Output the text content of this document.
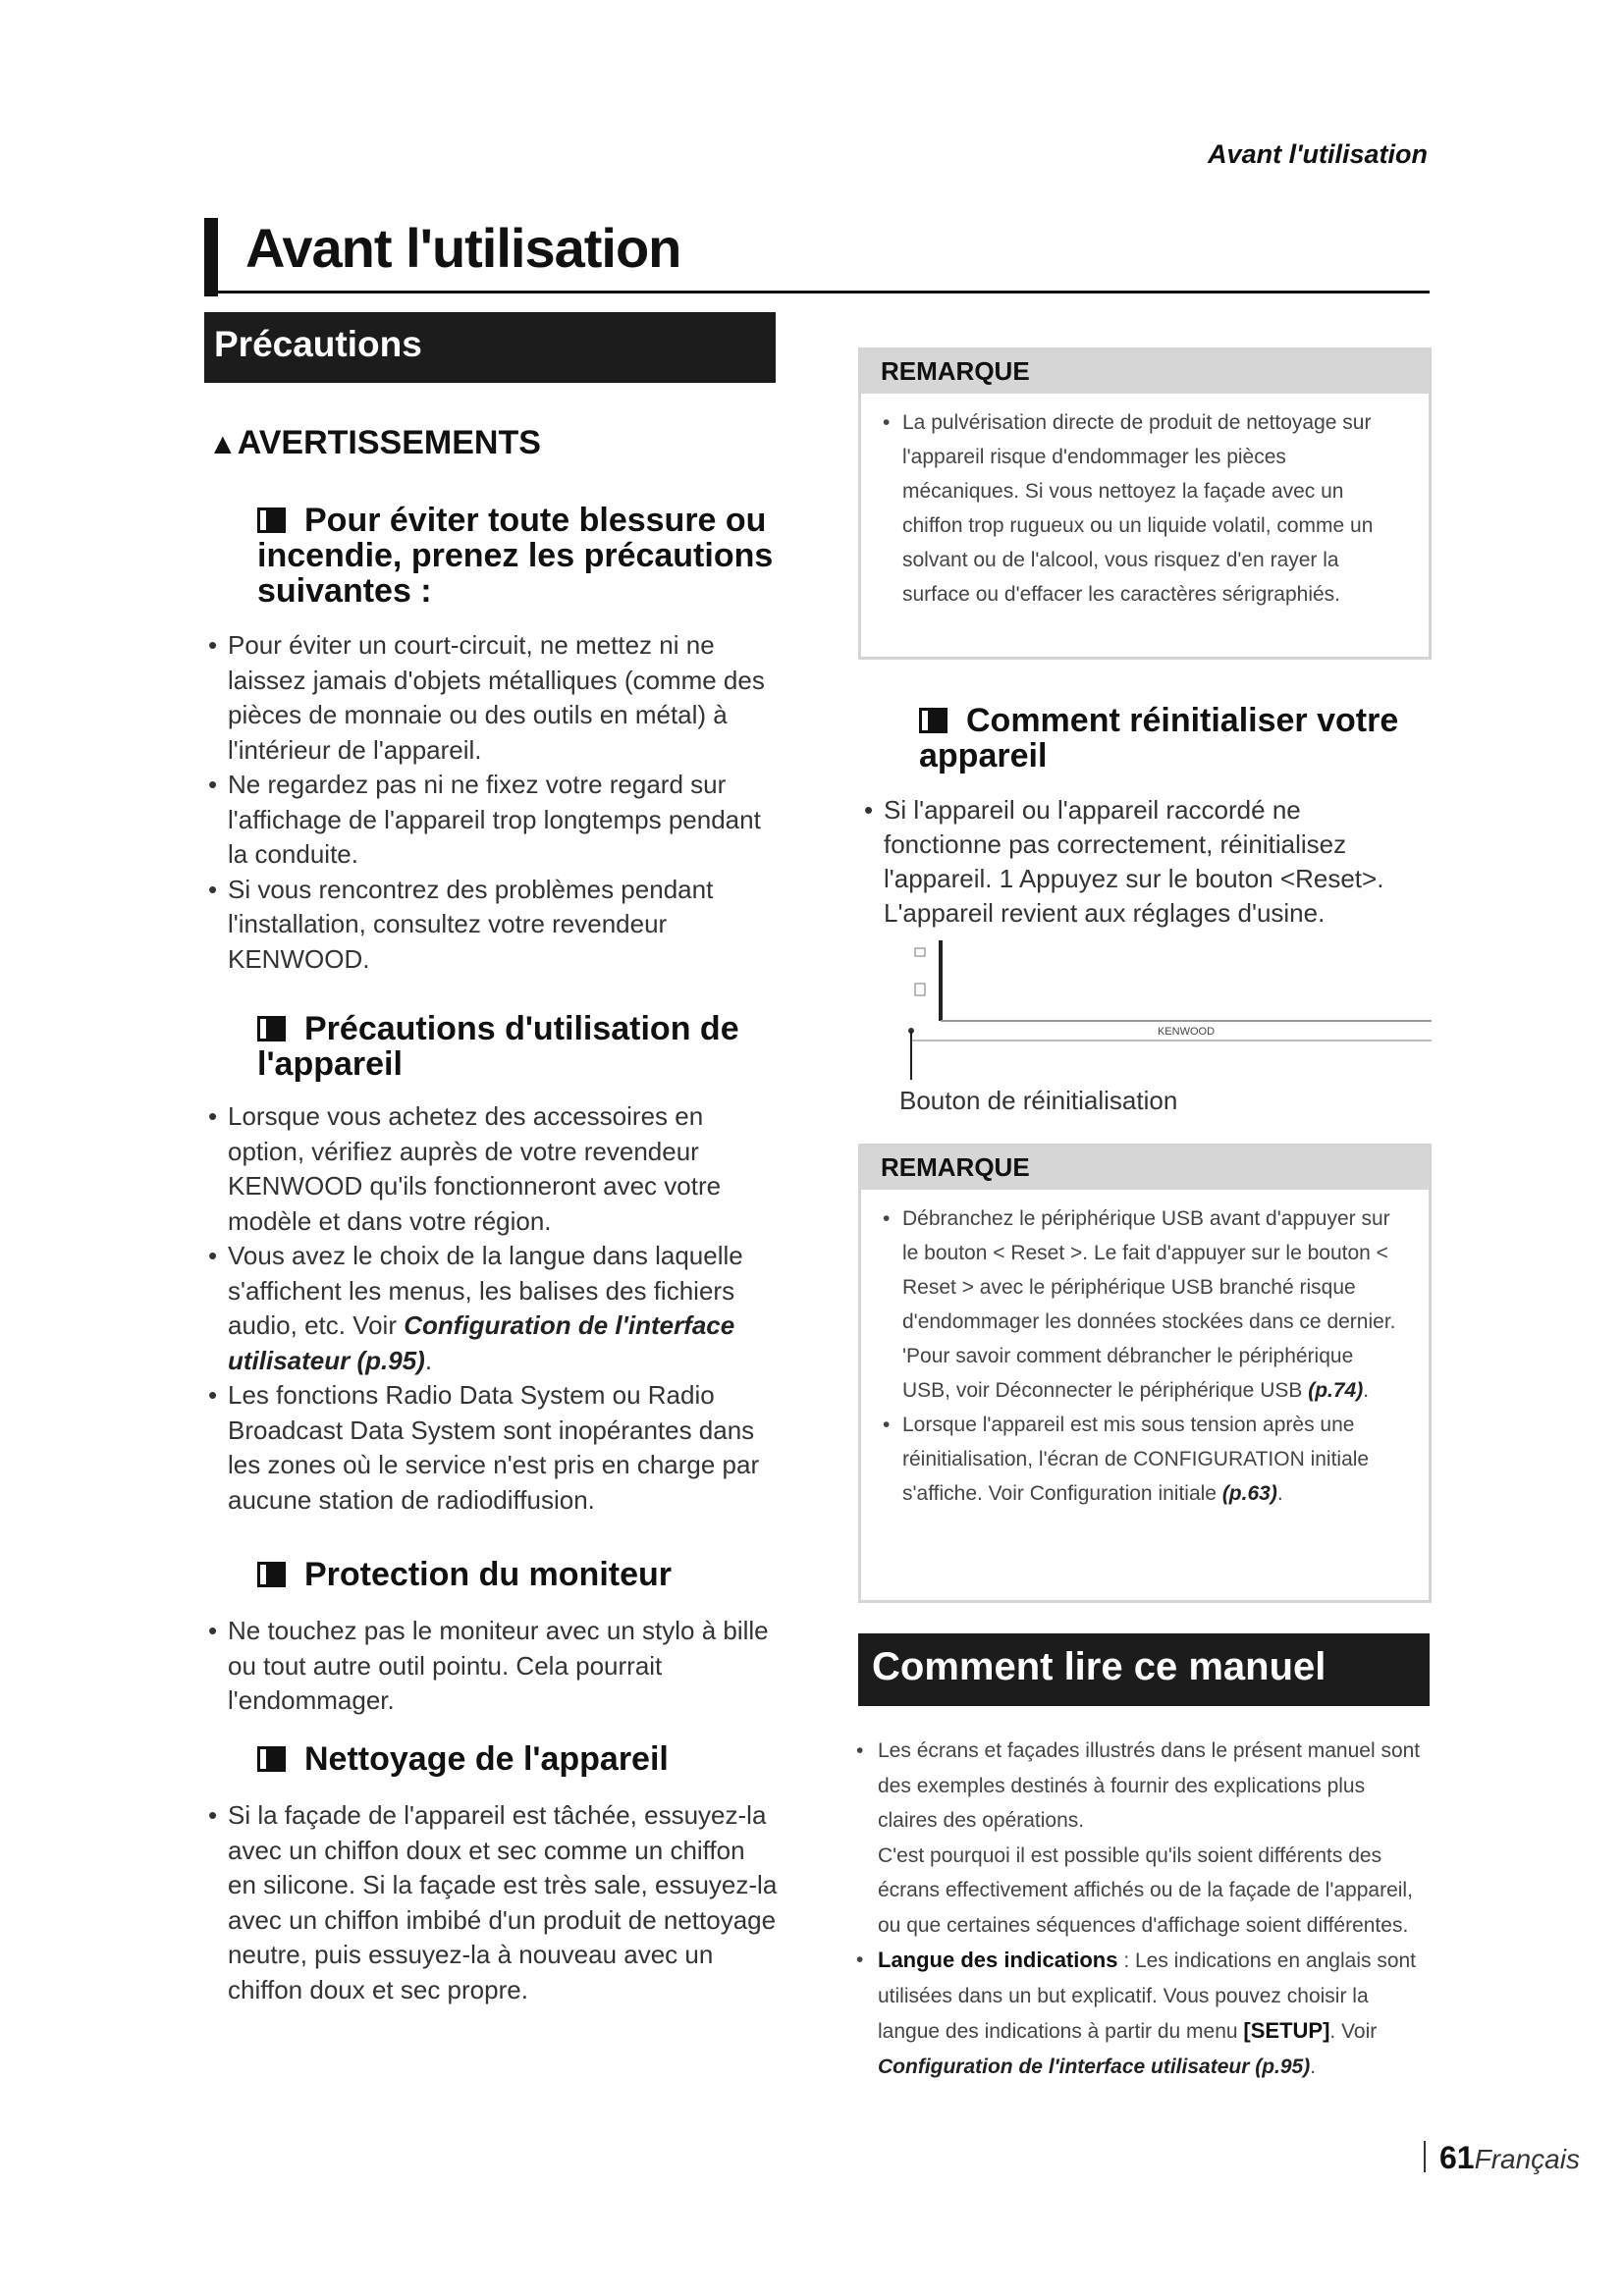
Avant l'utilisation
Avant l'utilisation
Précautions
▲AVERTISSEMENTS
Pour éviter toute blessure ou incendie, prenez les précautions suivantes :
• Pour éviter un court-circuit, ne mettez ni ne laissez jamais d'objets métalliques (comme des pièces de monnaie ou des outils en métal) à l'intérieur de l'appareil.
• Ne regardez pas ni ne fixez votre regard sur l'affichage de l'appareil trop longtemps pendant la conduite.
• Si vous rencontrez des problèmes pendant l'installation, consultez votre revendeur KENWOOD.
Précautions d'utilisation de l'appareil
• Lorsque vous achetez des accessoires en option, vérifiez auprès de votre revendeur KENWOOD qu'ils fonctionneront avec votre modèle et dans votre région.
• Vous avez le choix de la langue dans laquelle s'affichent les menus, les balises des fichiers audio, etc. Voir Configuration de l'interface utilisateur (p.95).
• Les fonctions Radio Data System ou Radio Broadcast Data System sont inopérantes dans les zones où le service n'est pris en charge par aucune station de radiodiffusion.
Protection du moniteur
• Ne touchez pas le moniteur avec un stylo à bille ou tout autre outil pointu. Cela pourrait l'endommager.
Nettoyage de l'appareil
• Si la façade de l'appareil est tâchée, essuyez-la avec un chiffon doux et sec comme un chiffon en silicone. Si la façade est très sale, essuyez-la avec un chiffon imbibé d'un produit de nettoyage neutre, puis essuyez-la à nouveau avec un chiffon doux et sec propre.
REMARQUE
• La pulvérisation directe de produit de nettoyage sur l'appareil risque d'endommager les pièces mécaniques. Si vous nettoyez la façade avec un chiffon trop rugueux ou un liquide volatil, comme un solvant ou de l'alcool, vous risquez d'en rayer la surface ou d'effacer les caractères sérigraphiés.
Comment réinitialiser votre appareil
• Si l'appareil ou l'appareil raccordé ne fonctionne pas correctement, réinitialisez l'appareil. 1 Appuyez sur le bouton <Reset>. L'appareil revient aux réglages d'usine.
KENWOOD
Bouton de réinitialisation
REMARQUE
• Débranchez le périphérique USB avant d'appuyer sur le bouton < Reset >. Le fait d'appuyer sur le bouton < Reset > avec le périphérique USB branché risque d'endommager les données stockées dans ce dernier. 'Pour savoir comment débrancher le périphérique USB, voir Déconnecter le périphérique USB (p.74).
• Lorsque l'appareil est mis sous tension après une réinitialisation, l'écran de CONFIGURATION initiale s'affiche. Voir Configuration initiale (p.63).
Comment lire ce manuel
• Les écrans et façades illustrés dans le présent manuel sont des exemples destinés à fournir des explications plus claires des opérations.
C'est pourquoi il est possible qu'ils soient différents des écrans effectivement affichés ou de la façade de l'appareil, ou que certaines séquences d'affichage soient différentes.
• Langue des indications : Les indications en anglais sont utilisées dans un but explicatif. Vous pouvez choisir la langue des indications à partir du menu [SETUP]. Voir Configuration de l'interface utilisateur (p.95).
61Français
